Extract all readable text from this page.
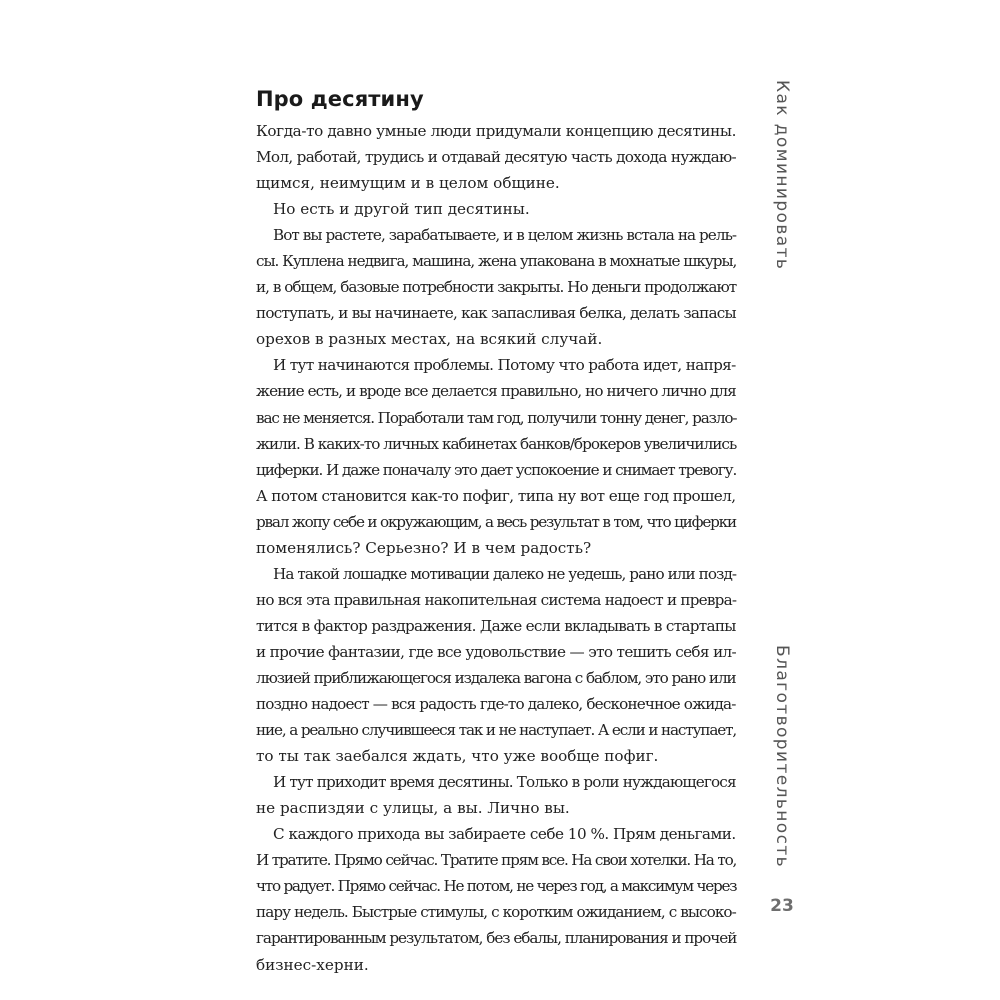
Про десятину
Когда-то давно умные люди придумали концепцию десятины.
Мол, работай, трудись и отдавай десятую часть дохода нуждаю-
щимся, неимущим и в целом общине.
Но есть и другой тип десятины.
Вот вы растете, зарабатываете, и в целом жизнь встала на рель-
сы. Куплена недвига, машина, жена упакована в мохнатые шкуры,
и, в общем, базовые потребности закрыты. Но деньги продолжают
поступать, и вы начинаете, как запасливая белка, делать запасы
орехов в разных местах, на всякий случай.
И тут начинаются проблемы. Потому что работа идет, напря-
жение есть, и вроде все делается правильно, но ничего лично для
вас не меняется. Поработали там год, получили тонну денег, разло-
жили. В каких-то личных кабинетах банков/брокеров увеличились
циферки. И даже поначалу это дает успокоение и снимает тревогу.
А потом становится как-то пофиг, типа ну вот еще год прошел,
рвал жопу себе и окружающим, а весь результат в том, что циферки
поменялись? Серьезно? И в чем радость?
На такой лошадке мотивации далеко не уедешь, рано или позд-
но вся эта правильная накопительная система надоест и превра-
тится в фактор раздражения. Даже если вкладывать в стартапы
и прочие фантазии, где все удовольствие — это тешить себя ил-
люзией приближающегося издалека вагона с баблом, это рано или
поздно надоест — вся радость где-то далеко, бесконечное ожида-
ние, а реально случившееся так и не наступает. А если и наступает,
то ты так заебался ждать, что уже вообще пофиг.
И тут приходит время десятины. Только в роли нуждающегося
не распиздяи с улицы, а вы. Лично вы.
С каждого прихода вы забираете себе 10 %. Прям деньгами.
И тратите. Прямо сейчас. Тратите прям все. На свои хотелки. На то,
что радует. Прямо сейчас. Не потом, не через год, а максимум через
пару недель. Быстрые стимулы, с коротким ожиданием, с высоко-
гарантированным результатом, без ебалы, планирования и прочей
бизнес-херни.
Как доминировать
Благотворительность
23
